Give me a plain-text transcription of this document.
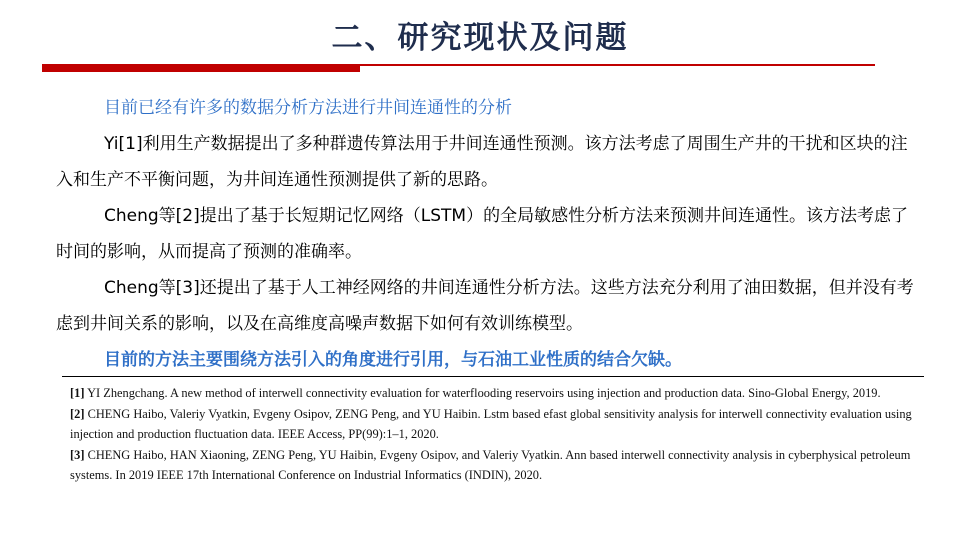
二、研究现状及问题

目前已经有许多的数据分析方法进行井间连通性的分析

Yi[1]利用生产数据提出了多种群遗传算法用于井间连通性预测。该方法考虑了周围生产井的干扰和区块的注入和生产不平衡问题，为井间连通性预测提供了新的思路。

Cheng等[2]提出了基于长短期记忆网络（LSTM）的全局敏感性分析方法来预测井间连通性。该方法考虑了时间的影响，从而提高了预测的准确率。

Cheng等[3]还提出了基于人工神经网络的井间连通性分析方法。这些方法充分利用了油田数据，但并没有考虑到井间关系的影响，以及在高维度高噪声数据下如何有效训练模型。

目前的方法主要围绕方法引入的角度进行引用，与石油工业性质的结合欠缺。

[1] YI Zhengchang. A new method of interwell connectivity evaluation for waterflooding reservoirs using injection and production data. Sino-Global Energy, 2019.

[2] CHENG Haibo, Valeriy Vyatkin, Evgeny Osipov, ZENG Peng, and YU Haibin. Lstm based efast global sensitivity analysis for interwell connectivity evaluation using injection and production fluctuation data. IEEE Access, PP(99):1–1, 2020.

[3] CHENG Haibo, HAN Xiaoning, ZENG Peng, YU Haibin, Evgeny Osipov, and Valeriy Vyatkin. Ann based interwell connectivity analysis in cyberphysical petroleum systems. In 2019 IEEE 17th International Conference on Industrial Informatics (INDIN), 2020.
